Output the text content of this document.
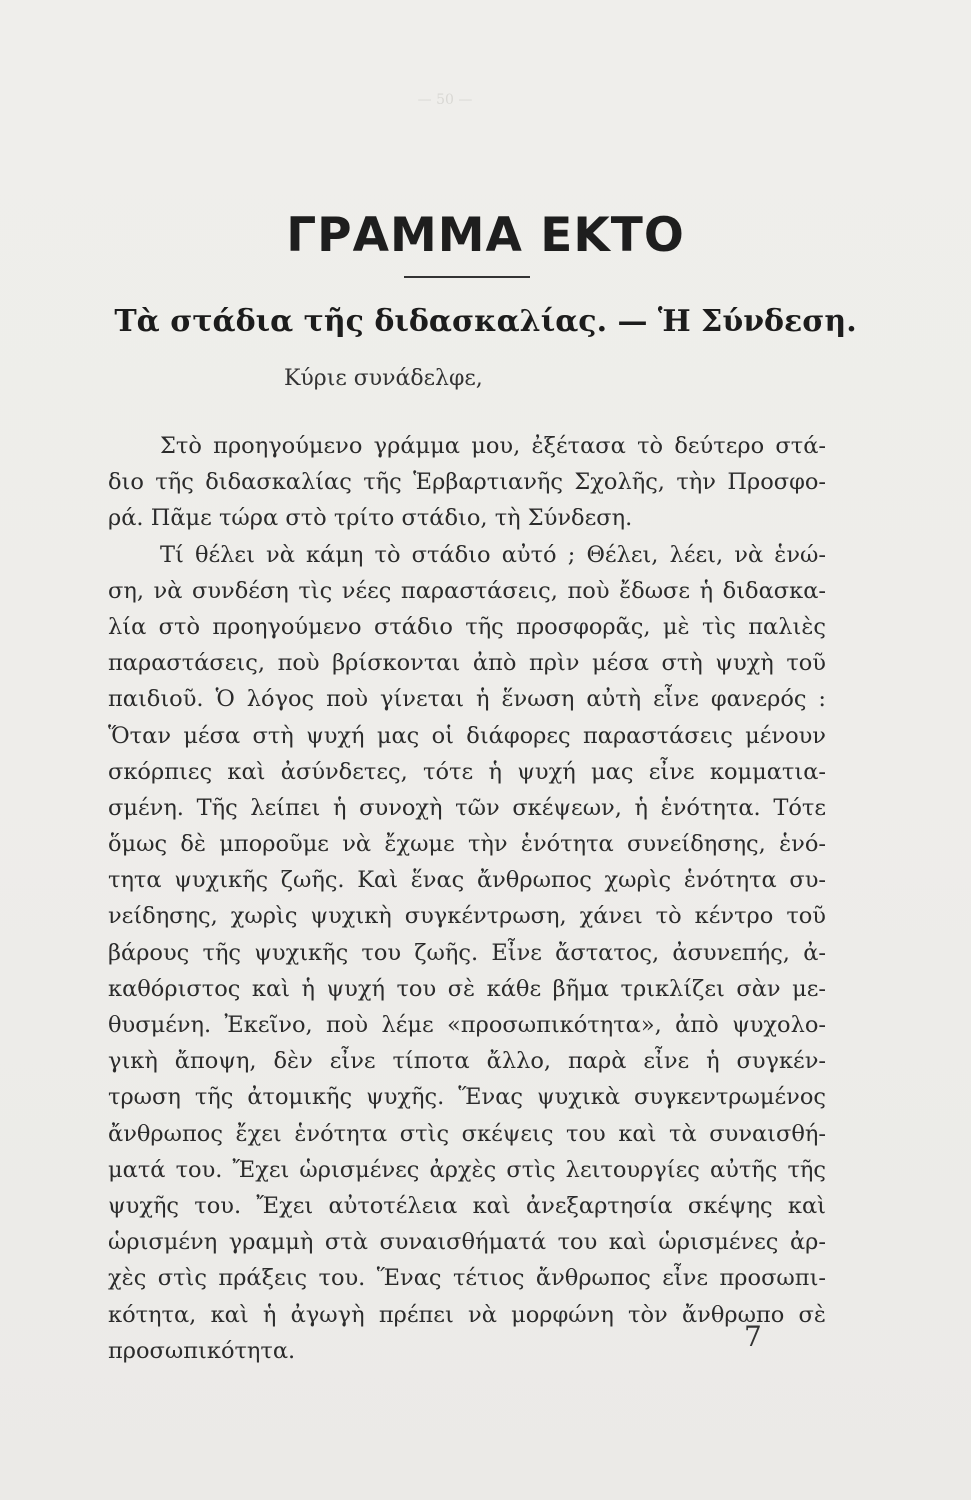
— 50 —
ΓΡΑΜΜΑ ΕΚΤΟ
Τὰ στάδια τῆς διδασκαλίας. — Ἡ Σύνδεση.
Κύριε συνάδελφε,
Στὸ προηγούμενο γράμμα μου, ἐξέτασα τὸ δεύτερο στά-
διο τῆς διδασκαλίας τῆς Ἑρβαρτιανῆς Σχολῆς, τὴν Προσφο-
ρά. Πᾶμε τώρα στὸ τρίτο στάδιο, τὴ Σύνδεση.
Τί θέλει νὰ κάμη τὸ στάδιο αὐτό ; Θέλει, λέει, νὰ ἑνώ-
ση, νὰ συνδέση τὶς νέες παραστάσεις, ποὺ ἔδωσε ἡ διδασκα-
λία στὸ προηγούμενο στάδιο τῆς προσφορᾶς, μὲ τὶς παλιὲς
παραστάσεις, ποὺ βρίσκονται ἀπὸ πρὶν μέσα στὴ ψυχὴ τοῦ
παιδιοῦ. Ὁ λόγος ποὺ γίνεται ἡ ἕνωση αὐτὴ εἶνε φανερός :
Ὅταν μέσα στὴ ψυχή μας οἱ διάφορες παραστάσεις μένουν
σκόρπιες καὶ ἀσύνδετες, τότε ἡ ψυχή μας εἶνε κομματια-
σμένη. Τῆς λείπει ἡ συνοχὴ τῶν σκέψεων, ἡ ἑνότητα. Τότε
ὅμως δὲ μποροῦμε νὰ ἔχωμε τὴν ἑνότητα συνείδησης, ἑνό-
τητα ψυχικῆς ζωῆς. Καὶ ἕνας ἄνθρωπος χωρὶς ἑνότητα συ-
νείδησης, χωρὶς ψυχικὴ συγκέντρωση, χάνει τὸ κέντρο τοῦ
βάρους τῆς ψυχικῆς του ζωῆς. Εἶνε ἄστατος, ἀσυνεπής, ἀ-
καθόριστος καὶ ἡ ψυχή του σὲ κάθε βῆμα τρικλίζει σὰν με-
θυσμένη. Ἐκεῖνο, ποὺ λέμε «προσωπικότητα», ἀπὸ ψυχολο-
γικὴ ἄποψη, δὲν εἶνε τίποτα ἄλλο, παρὰ εἶνε ἡ συγκέν-
τρωση τῆς ἀτομικῆς ψυχῆς. Ἕνας ψυχικὰ συγκεντρωμένος
ἄνθρωπος ἔχει ἑνότητα στὶς σκέψεις του καὶ τὰ συναισθή-
ματά του. Ἔχει ὡρισμένες ἀρχὲς στὶς λειτουργίες αὐτῆς τῆς
ψυχῆς του. Ἔχει αὐτοτέλεια καὶ ἀνεξαρτησία σκέψης καὶ
ὡρισμένη γραμμὴ στὰ συναισθήματά του καὶ ὡρισμένες ἀρ-
χὲς στὶς πράξεις του. Ἕνας τέτιος ἄνθρωπος εἶνε προσωπι-
κότητα, καὶ ἡ ἀγωγὴ πρέπει νὰ μορφώνη τὸν ἄνθρωπο σὲ
προσωπικότητα.	7
